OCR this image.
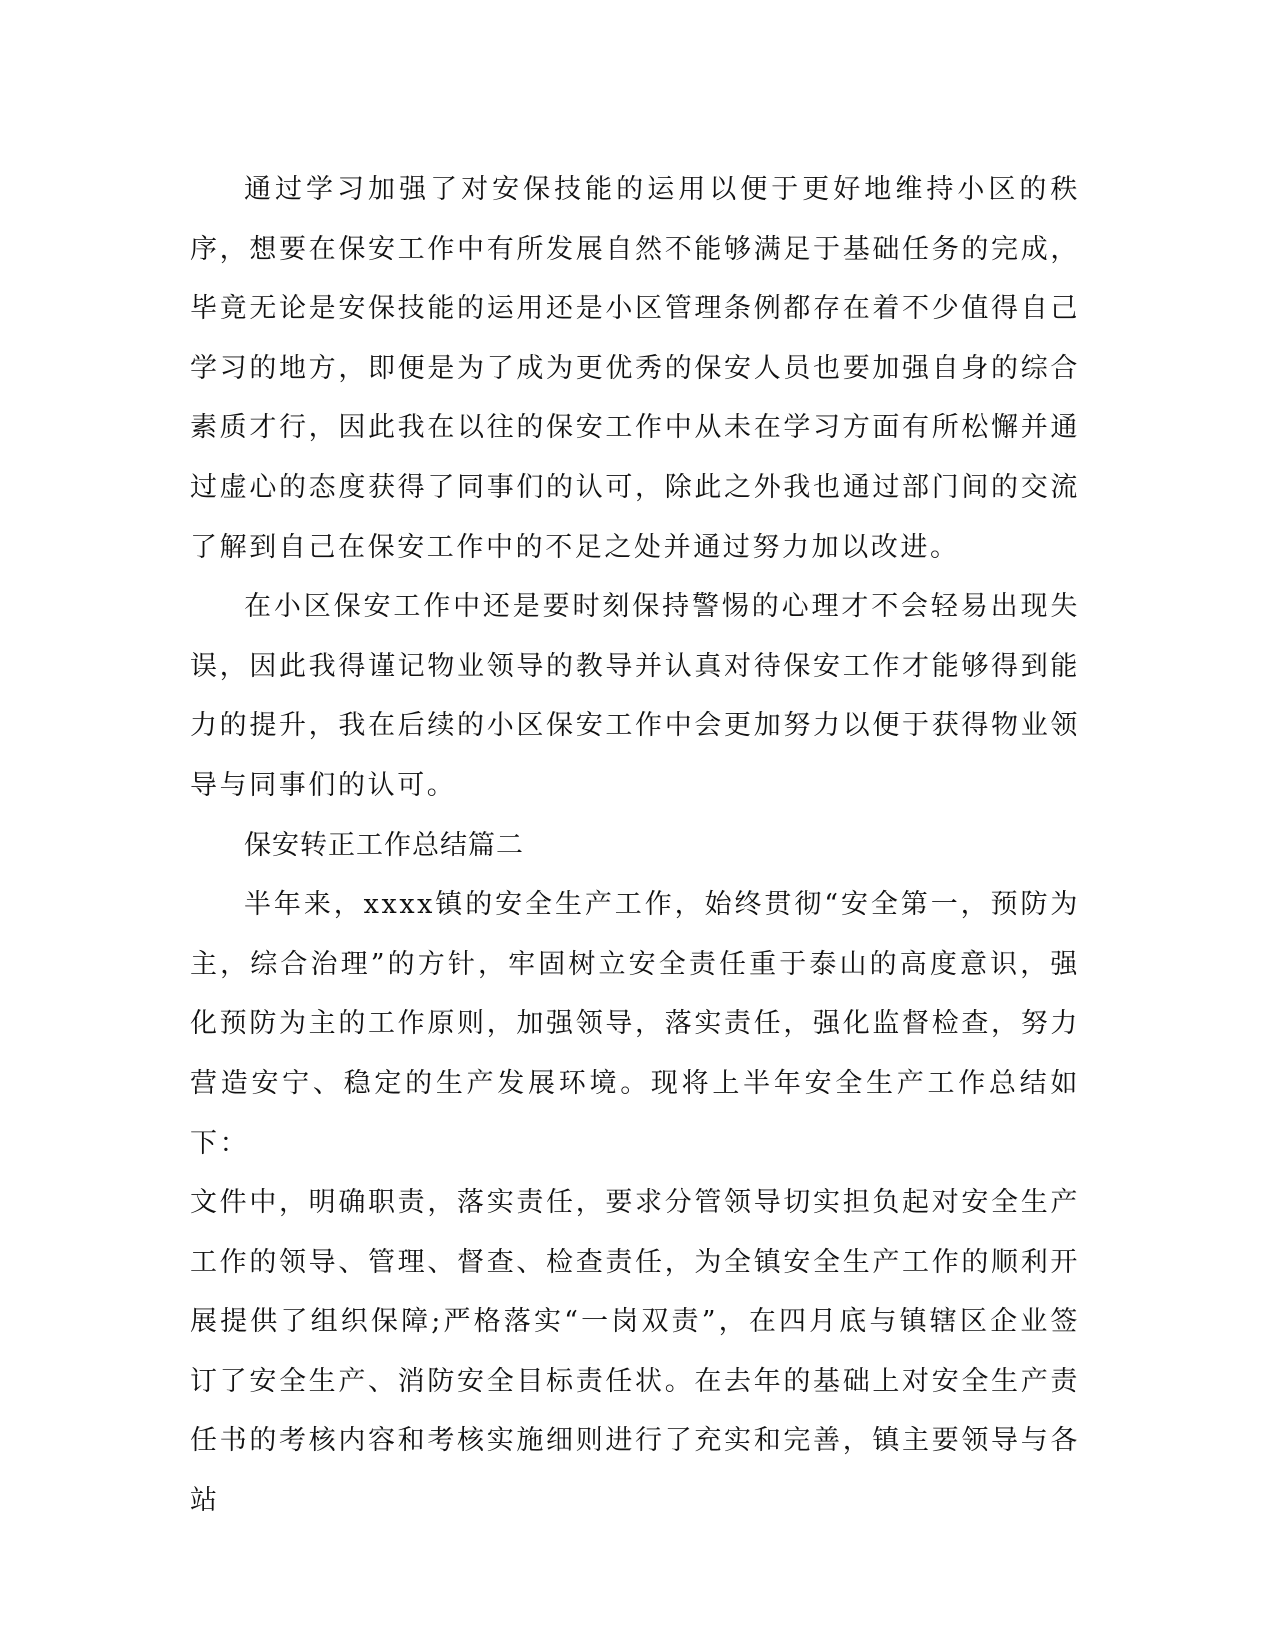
通过学习加强了对安保技能的运用以便于更好地维持小区的秩序，想要在保安工作中有所发展自然不能够满足于基础任务的完成，毕竟无论是安保技能的运用还是小区管理条例都存在着不少值得自己学习的地方，即便是为了成为更优秀的保安人员也要加强自身的综合素质才行，因此我在以往的保安工作中从未在学习方面有所松懈并通过虚心的态度获得了同事们的认可，除此之外我也通过部门间的交流了解到自己在保安工作中的不足之处并通过努力加以改进。

在小区保安工作中还是要时刻保持警惕的心理才不会轻易出现失误，因此我得谨记物业领导的教导并认真对待保安工作才能够得到能力的提升，我在后续的小区保安工作中会更加努力以便于获得物业领导与同事们的认可。

保安转正工作总结篇二

半年来，xxxx镇的安全生产工作，始终贯彻“安全第一，预防为主，综合治理”的方针，牢固树立安全责任重于泰山的高度意识，强化预防为主的工作原则，加强领导，落实责任，强化监督检查，努力营造安宁、稳定的生产发展环境。现将上半年安全生产工作总结如下：

文件中，明确职责，落实责任，要求分管领导切实担负起对安全生产工作的领导、管理、督查、检查责任，为全镇安全生产工作的顺利开展提供了组织保障;严格落实“一岗双责”，在四月底与镇辖区企业签订了安全生产、消防安全目标责任状。在去年的基础上对安全生产责任书的考核内容和考核实施细则进行了充实和完善，镇主要领导与各站
